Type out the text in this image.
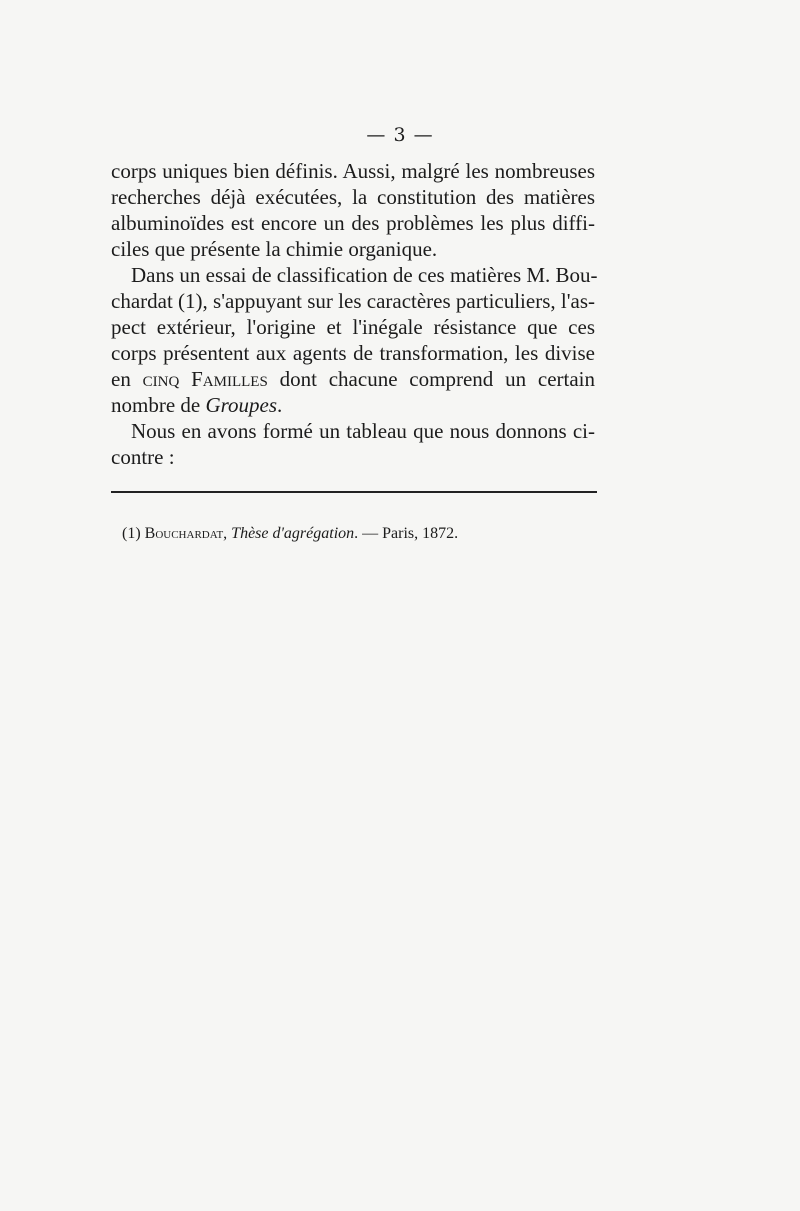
— 3 —
corps uniques bien définis. Aussi, malgré les nombreuses
recherches déjà exécutées, la constitution des matières
albuminoïdes est encore un des problèmes les plus diffi-
ciles que présente la chimie organique.
Dans un essai de classification de ces matières M. Bou-
chardat (1), s'appuyant sur les caractères particuliers, l'as-
pect extérieur, l'origine et l'inégale résistance que ces
corps présentent aux agents de transformation, les divise
en cinq Familles dont chacune comprend un certain
nombre de Groupes.
Nous en avons formé un tableau que nous donnons ci-
contre :
(1) Bouchardat, Thèse d'agrégation. — Paris, 1872.
